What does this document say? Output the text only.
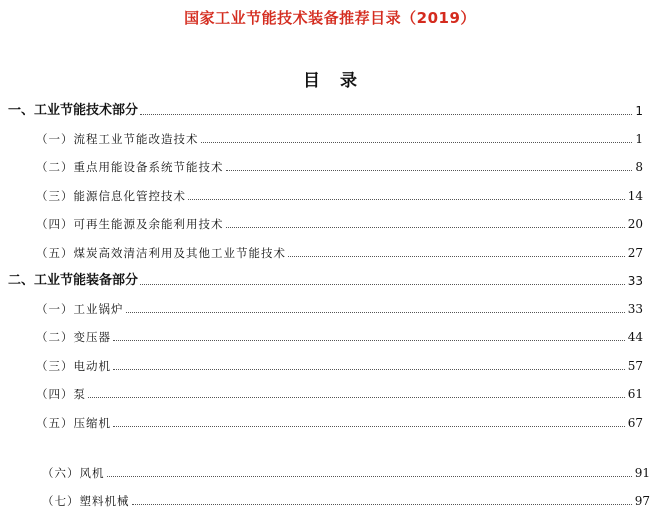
国家工业节能技术装备推荐目录（2019）
目录
一、工业节能技术部分	1
（一）流程工业节能改造技术	1
（二）重点用能设备系统节能技术	8
（三）能源信息化管控技术	14
（四）可再生能源及余能利用技术	20
（五）煤炭高效清洁利用及其他工业节能技术	27
二、工业节能装备部分	33
（一）工业锅炉	33
（二）变压器	44
（三）电动机	57
（四）泵	61
（五）压缩机	67
（六）风机	91
（七）塑料机械	97
